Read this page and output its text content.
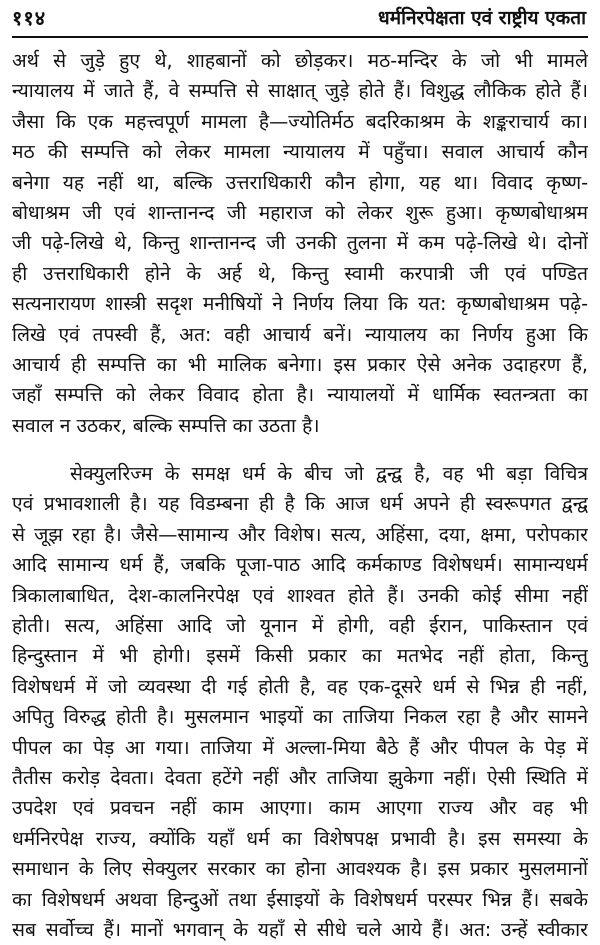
११४	धर्मनिरपेक्षता एवं राष्ट्रीय एकता

अर्थ से जुड़े हुए थे, शाहबानों को छोड़कर। मठ-मन्दिर के जो भी मामले
न्यायालय में जाते हैं, वे सम्पत्ति से साक्षात् जुड़े होते हैं। विशुद्ध लौकिक होते हैं।
जैसा कि एक महत्त्वपूर्ण मामला है—ज्योतिर्मठ बदरिकाश्रम के शङ्कराचार्य का।
मठ की सम्पत्ति को लेकर मामला न्यायालय में पहुँचा। सवाल आचार्य कौन
बनेगा यह नहीं था, बल्कि उत्तराधिकारी कौन होगा, यह था। विवाद कृष्ण-
बोधाश्रम जी एवं शान्तानन्द जी महाराज को लेकर शुरू हुआ। कृष्णबोधाश्रम
जी पढ़े-लिखे थे, किन्तु शान्तानन्द जी उनकी तुलना में कम पढ़े-लिखे थे। दोनों
ही उत्तराधिकारी होने के अर्ह थे, किन्तु स्वामी करपात्री जी एवं पण्डित
सत्यनारायण शास्त्री सदृश मनीषियों ने निर्णय लिया कि यत: कृष्णबोधाश्रम पढ़े-
लिखे एवं तपस्वी हैं, अत: वही आचार्य बनें। न्यायालय का निर्णय हुआ कि
आचार्य ही सम्पत्ति का भी मालिक बनेगा। इस प्रकार ऐसे अनेक उदाहरण हैं,
जहाँ सम्पत्ति को लेकर विवाद होता है। न्यायालयों में धार्मिक स्वतन्त्रता का
सवाल न उठकर, बल्कि सम्पत्ति का उठता है।

सेक्युलरिज्म के समक्ष धर्म के बीच जो द्वन्द्व है, वह भी बड़ा विचित्र
एवं प्रभावशाली है। यह विडम्बना ही है कि आज धर्म अपने ही स्वरूपगत द्वन्द्व
से जूझ रहा है। जैसे—सामान्य और विशेष। सत्य, अहिंसा, दया, क्षमा, परोपकार
आदि सामान्य धर्म हैं, जबकि पूजा-पाठ आदि कर्मकाण्ड विशेषधर्म। सामान्यधर्म
त्रिकालाबाधित, देश-कालनिरपेक्ष एवं शाश्वत होते हैं। उनकी कोई सीमा नहीं
होती। सत्य, अहिंसा आदि जो यूनान में होगी, वही ईरान, पाकिस्तान एवं
हिन्दुस्तान में भी होगी। इसमें किसी प्रकार का मतभेद नहीं होता, किन्तु
विशेषधर्म में जो व्यवस्था दी गई होती है, वह एक-दूसरे धर्म से भिन्न ही नहीं,
अपितु विरुद्ध होती है। मुसलमान भाइयों का ताजिया निकल रहा है और सामने
पीपल का पेड़ आ गया। ताजिया में अल्ला-मिया बैठे हैं और पीपल के पेड़ में
तैतीस करोड़ देवता। देवता हटेंगे नहीं और ताजिया झुकेगा नहीं। ऐसी स्थिति में
उपदेश एवं प्रवचन नहीं काम आएगा। काम आएगा राज्य और वह भी
धर्मनिरपेक्ष राज्य, क्योंकि यहाँ धर्म का विशेषपक्ष प्रभावी है। इस समस्या के
समाधान के लिए सेक्युलर सरकार का होना आवश्यक है। इस प्रकार मुसलमानों
का विशेषधर्म अथवा हिन्दुओं तथा ईसाइयों के विशेषधर्म परस्पर भिन्न हैं। सबके
सब सर्वोच्च हैं। मानों भगवान् के यहाँ से सीधे चले आये हैं। अत: उन्हें स्वीकार
